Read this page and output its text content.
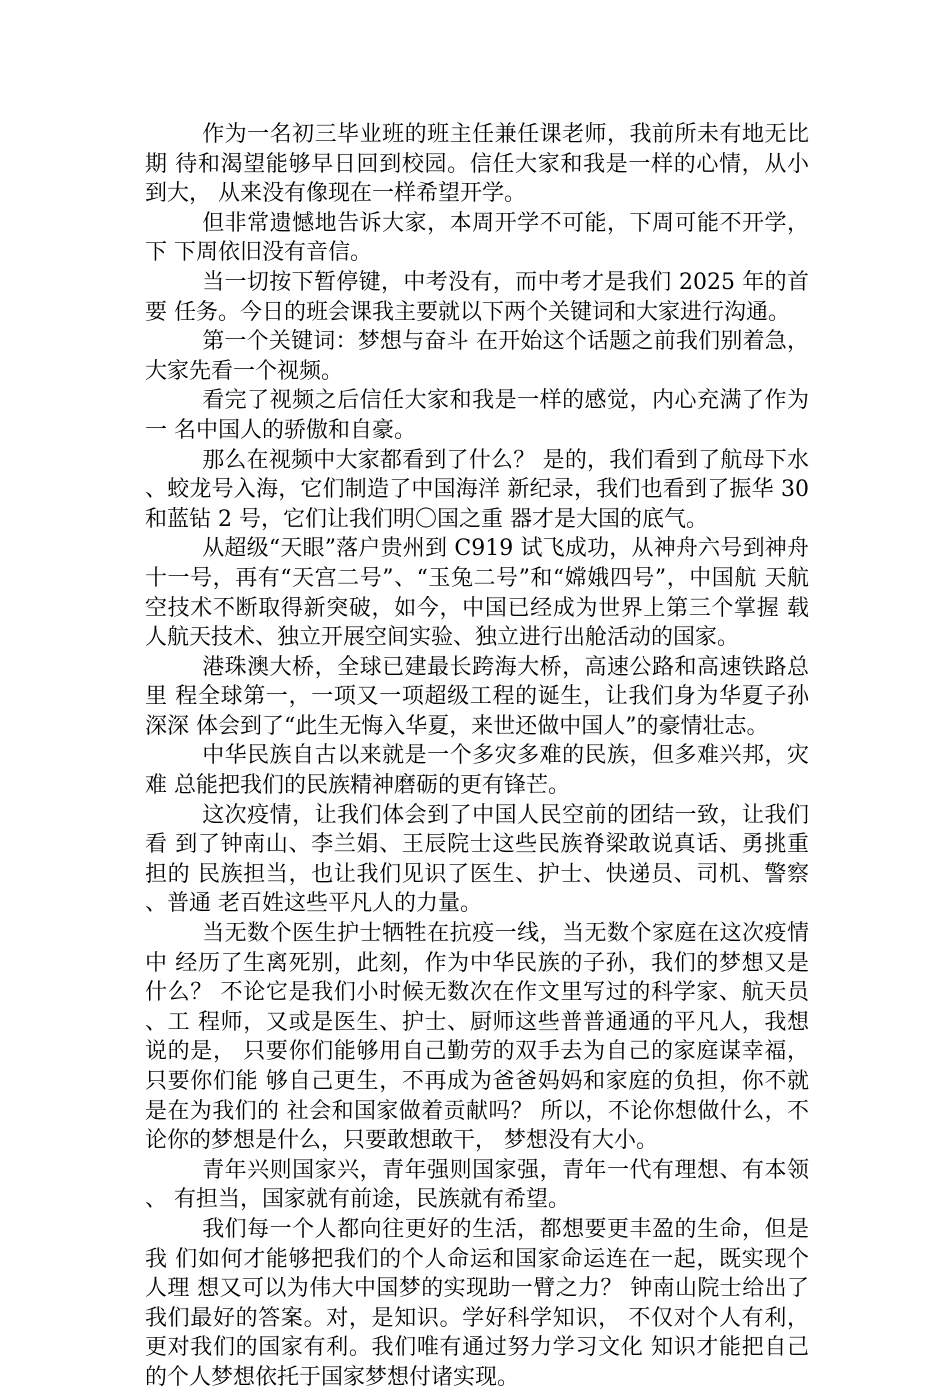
作为一名初三毕业班的班主任兼任课老师，我前所未有地无比期 待和渴望能够早日回到校园。信任大家和我是一样的心情，从小到大， 从来没有像现在一样希望开学。

但非常遗憾地告诉大家，本周开学不可能，下周可能不开学，下 下周依旧没有音信。

当一切按下暂停键，中考没有，而中考才是我们 2025 年的首要 任务。今日的班会课我主要就以下两个关键词和大家进行沟通。

第一个关键词：梦想与奋斗 在开始这个话题之前我们别着急，大家先看一个视频。

看完了视频之后信任大家和我是一样的感觉，内心充满了作为一 名中国人的骄傲和自豪。

那么在视频中大家都看到了什么？ 是的，我们看到了航母下水、蛟龙号入海，它们制造了中国海洋 新纪录，我们也看到了振华 30 和蓝钻 2 号，它们让我们明〇国之重 器才是大国的底气。

从超级“天眼”落户贵州到 C919 试飞成功，从神舟六号到神舟 十一号，再有“天宫二号”、“玉兔二号”和“嫦娥四号”，中国航 天航空技术不断取得新突破，如今，中国已经成为世界上第三个掌握 载人航天技术、独立开展空间实验、独立进行出舱活动的国家。

港珠澳大桥，全球已建最长跨海大桥，高速公路和高速铁路总里 程全球第一，一项又一项超级工程的诞生，让我们身为华夏子孙深深 体会到了“此生无悔入华夏，来世还做中国人”的豪情壮志。

中华民族自古以来就是一个多灾多难的民族，但多难兴邦，灾难 总能把我们的民族精神磨砺的更有锋芒。

这次疫情，让我们体会到了中国人民空前的团结一致，让我们看 到了钟南山、李兰娟、王辰院士这些民族脊梁敢说真话、勇挑重担的 民族担当，也让我们见识了医生、护士、快递员、司机、警察、普通 老百姓这些平凡人的力量。

当无数个医生护士牺牲在抗疫一线，当无数个家庭在这次疫情中 经历了生离死别，此刻，作为中华民族的子孙，我们的梦想又是什么？ 不论它是我们小时候无数次在作文里写过的科学家、航天员、工 程师，又或是医生、护士、厨师这些普普通通的平凡人，我想说的是， 只要你们能够用自己勤劳的双手去为自己的家庭谋幸福，只要你们能 够自己更生，不再成为爸爸妈妈和家庭的负担，你不就是在为我们的 社会和国家做着贡献吗？ 所以，不论你想做什么，不论你的梦想是什么，只要敢想敢干， 梦想没有大小。

青年兴则国家兴，青年强则国家强，青年一代有理想、有本领、 有担当，国家就有前途，民族就有希望。

我们每一个人都向往更好的生活，都想要更丰盈的生命，但是我 们如何才能够把我们的个人命运和国家命运连在一起，既实现个人理 想又可以为伟大中国梦的实现助一臂之力？ 钟南山院士给出了我们最好的答案。对，是知识。学好科学知识， 不仅对个人有利，更对我们的国家有利。我们唯有通过努力学习文化 知识才能把自己的个人梦想依托于国家梦想付诸实现。
